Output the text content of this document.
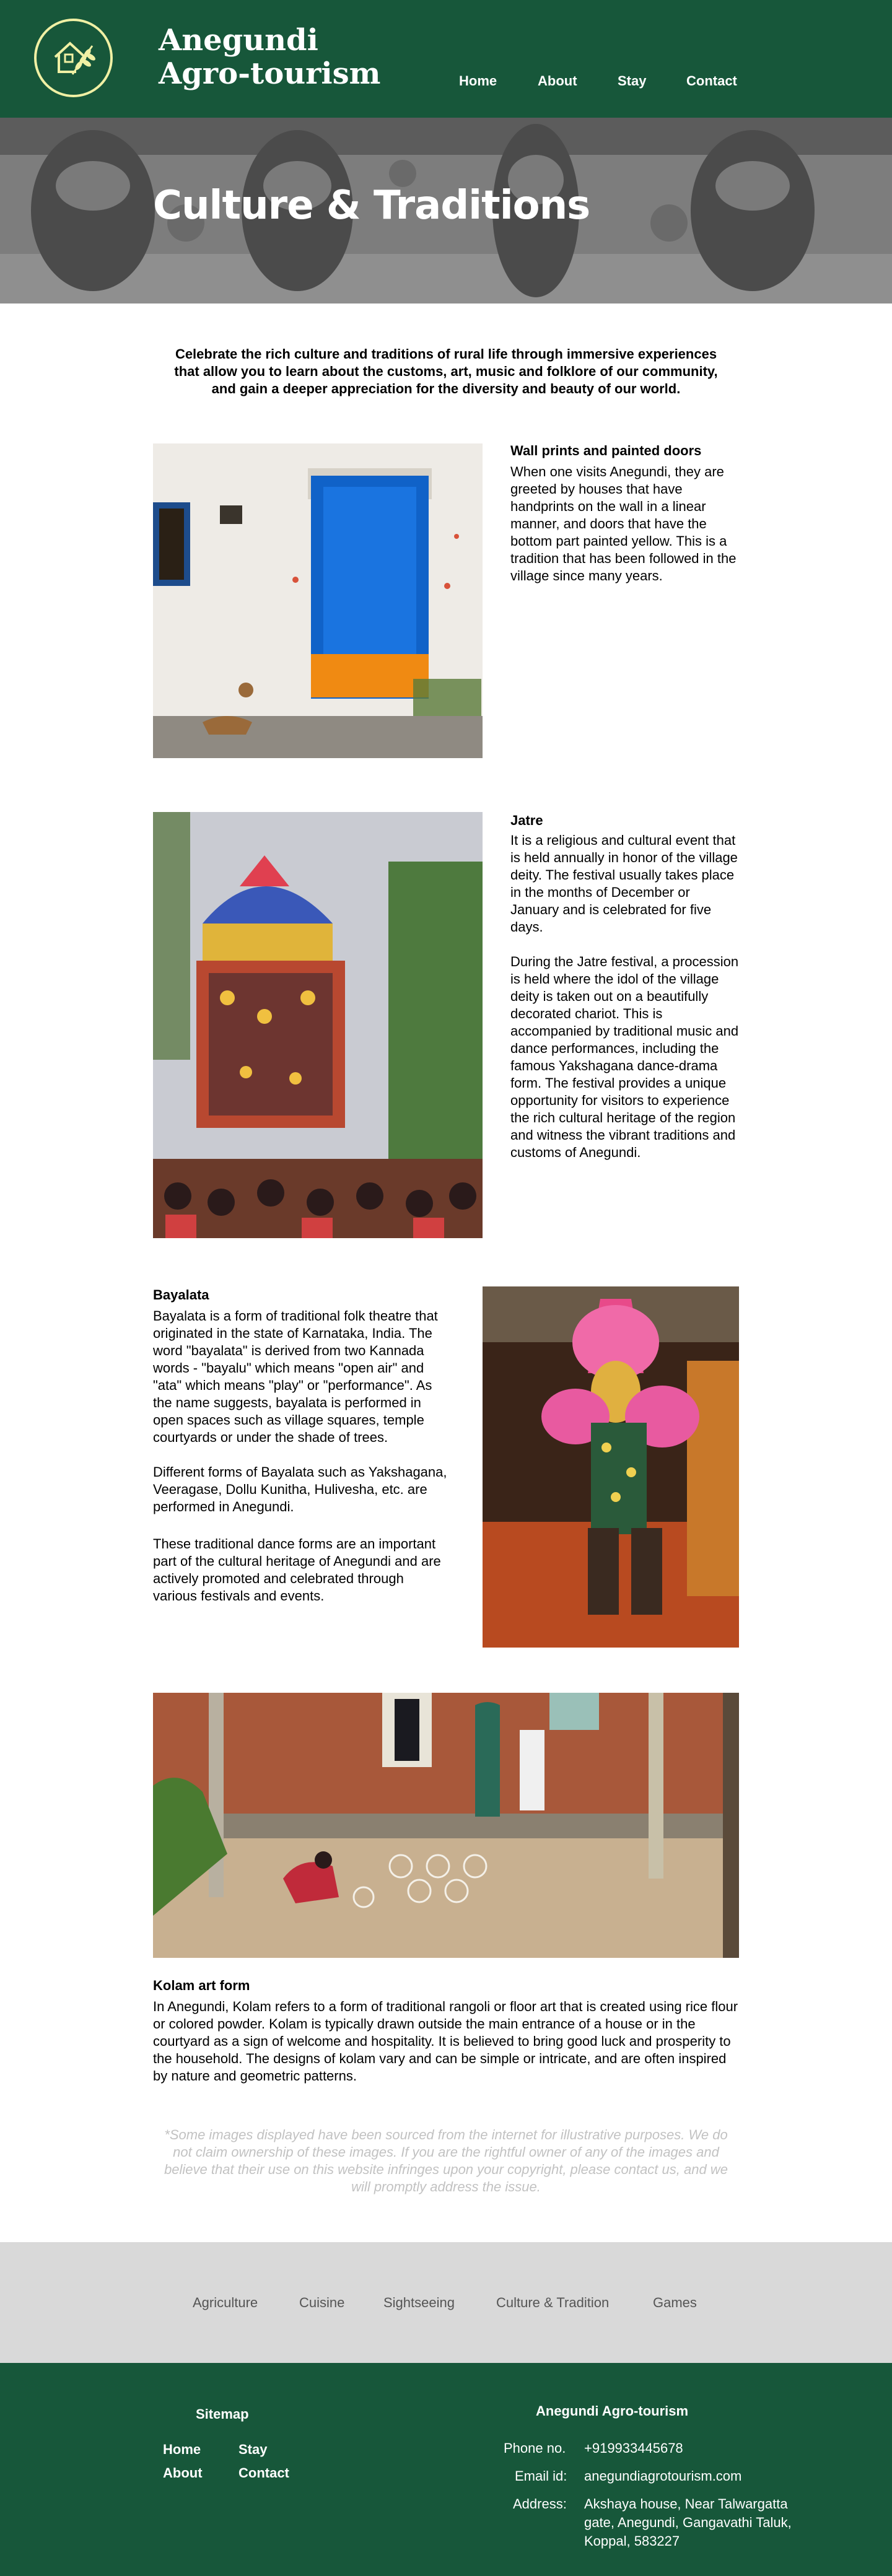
Anegundi
Agro-tourism	Home	About	Stay	Contact
Culture & Traditions

Celebrate the rich culture and traditions of rural life through immersive experiences that allow you to learn about the customs, art, music and folklore of our community, and gain a deeper appreciation for the diversity and beauty of our world.

Wall prints and painted doors
When one visits Anegundi, they are greeted by houses that have handprints on the wall in a linear manner, and doors that have the bottom part painted yellow. This is a tradition that has been followed in the village since many years.
Jatre
It is a religious and cultural event that is held annually in honor of the village deity. The festival usually takes place in the months of December or January and is celebrated for five days.
During the Jatre festival, a procession is held where the idol of the village deity is taken out on a beautifully decorated chariot. This is accompanied by traditional music and dance performances, including the famous Yakshagana dance-drama form. The festival provides a unique opportunity for visitors to experience the rich cultural heritage of the region and witness the vibrant traditions and customs of Anegundi.
Bayalata
Bayalata is a form of traditional folk theatre that originated in the state of Karnataka, India. The word "bayalata" is derived from two Kannada words - "bayalu" which means "open air" and "ata" which means "play" or "performance". As the name suggests, bayalata is performed in open spaces such as village squares, temple courtyards or under the shade of trees.
Different forms of Bayalata such as Yakshagana, Veeragase, Dollu Kunitha, Hulivesha, etc. are performed in Anegundi.
These traditional dance forms are an important part of the cultural heritage of Anegundi and are actively promoted and celebrated through various festivals and events.
Kolam art form
In Anegundi, Kolam refers to a form of traditional rangoli or floor art that is created using rice flour or colored powder. Kolam is typically drawn outside the main entrance of a house or in the courtyard as a sign of welcome and hospitality. It is believed to bring good luck and prosperity to the household. The designs of kolam vary and can be simple or intricate, and are often inspired by nature and geometric patterns.

*Some images displayed have been sourced from the internet for illustrative purposes. We do not claim ownership of these images. If you are the rightful owner of any of the images and believe that their use on this website infringes upon your copyright, please contact us, and we will promptly address the issue.

Agriculture	Cuisine	Sightseeing	Culture & Tradition	Games
Sitemap
Home	Stay
About	Contact
Anegundi Agro-tourism
Phone no. +919933445678
Email id: anegundiagrotourism.com
Address: Akshaya house, Near Talwargatta
gate, Anegundi, Gangavathi Taluk,
Koppal, 583227
